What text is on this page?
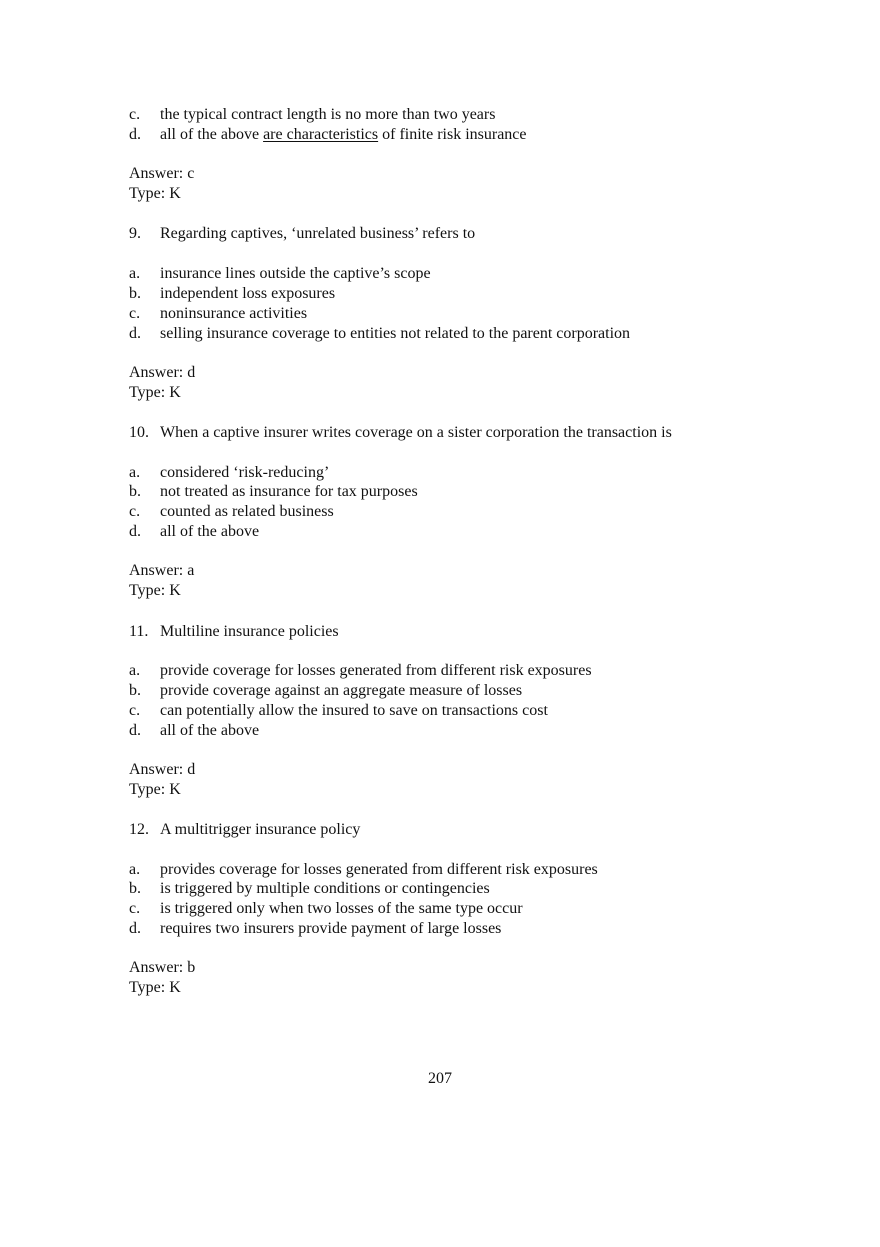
c. the typical contract length is no more than two years
d. all of the above are characteristics of finite risk insurance
Answer: c
Type: K
9. Regarding captives, ‘unrelated business’ refers to
a. insurance lines outside the captive’s scope
b. independent loss exposures
c. noninsurance activities
d. selling insurance coverage to entities not related to the parent corporation
Answer: d
Type: K
10. When a captive insurer writes coverage on a sister corporation the transaction is
a. considered ‘risk-reducing’
b. not treated as insurance for tax purposes
c. counted as related business
d. all of the above
Answer: a
Type: K
11. Multiline insurance policies
a. provide coverage for losses generated from different risk exposures
b. provide coverage against an aggregate measure of losses
c. can potentially allow the insured to save on transactions cost
d. all of the above
Answer: d
Type: K
12. A multitrigger insurance policy
a. provides coverage for losses generated from different risk exposures
b. is triggered by multiple conditions or contingencies
c. is triggered only when two losses of the same type occur
d. requires two insurers provide payment of large losses
Answer: b
Type: K
207
